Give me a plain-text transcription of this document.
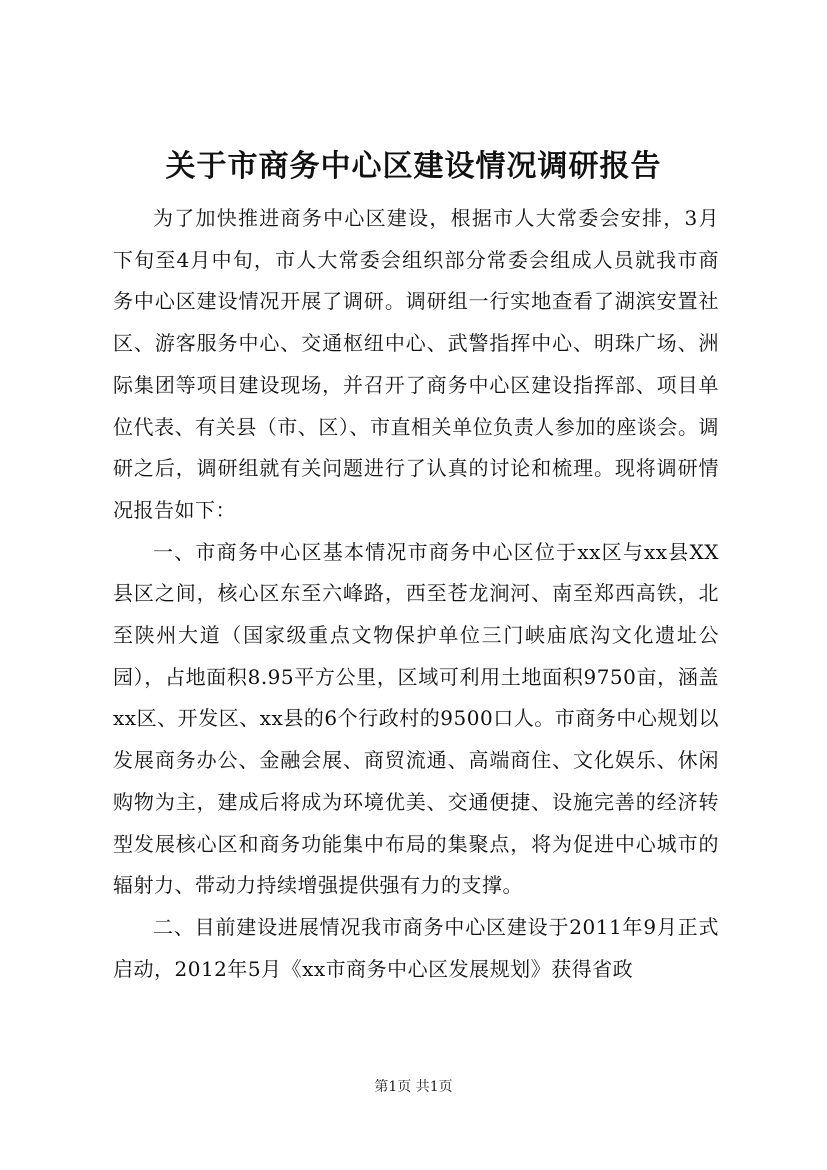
关于市商务中心区建设情况调研报告

为了加快推进商务中心区建设，根据市人大常委会安排，3月下旬至4月中旬，市人大常委会组织部分常委会组成人员就我市商务中心区建设情况开展了调研。调研组一行实地查看了湖滨安置社区、游客服务中心、交通枢纽中心、武警指挥中心、明珠广场、洲际集团等项目建设现场，并召开了商务中心区建设指挥部、项目单位代表、有关县（市、区）、市直相关单位负责人参加的座谈会。调研之后，调研组就有关问题进行了认真的讨论和梳理。现将调研情况报告如下：

一、市商务中心区基本情况市商务中心区位于xx区与xx县XX县区之间，核心区东至六峰路，西至苍龙涧河、南至郑西高铁，北至陕州大道（国家级重点文物保护单位三门峡庙底沟文化遗址公园），占地面积8.95平方公里，区域可利用土地面积9750亩，涵盖xx区、开发区、xx县的6个行政村的9500口人。市商务中心规划以发展商务办公、金融会展、商贸流通、高端商住、文化娱乐、休闲购物为主，建成后将成为环境优美、交通便捷、设施完善的经济转型发展核心区和商务功能集中布局的集聚点，将为促进中心城市的辐射力、带动力持续增强提供强有力的支撑。

二、目前建设进展情况我市商务中心区建设于2011年9月正式启动，2012年5月《xx市商务中心区发展规划》获得省政

第1页 共1页
